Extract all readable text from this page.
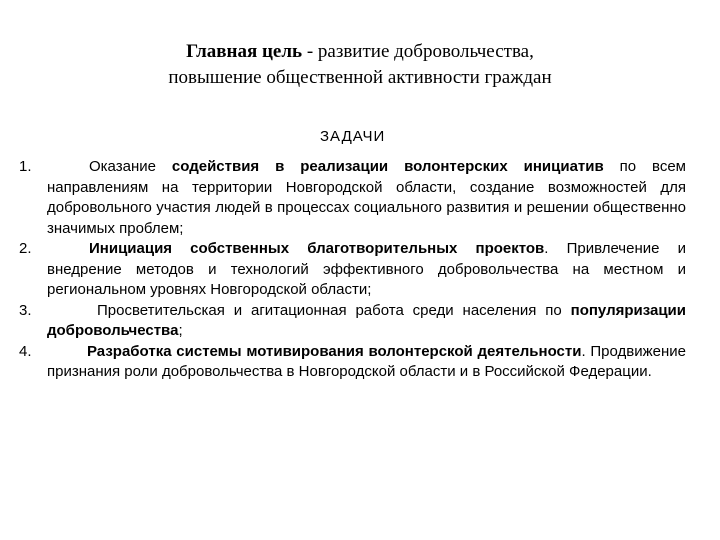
Главная цель - развитие добровольчества,
повышение общественной активности граждан
ЗАДАЧИ
1.	Оказание содействия в реализации волонтерских инициатив по всем направлениям на территории Новгородской области, создание возможностей для добровольного участия людей в процессах социального развития и решении общественно значимых проблем;
2.	Инициация собственных благотворительных проектов. Привлечение и внедрение методов и технологий эффективного добровольчества на местном и региональном уровнях Новгородской области;
3.	Просветительская и агитационная работа среди населения по популяризации добровольчества;
4.	Разработка системы мотивирования волонтерской деятельности. Продвижение признания роли добровольчества в Новгородской области и в Российской Федерации.
